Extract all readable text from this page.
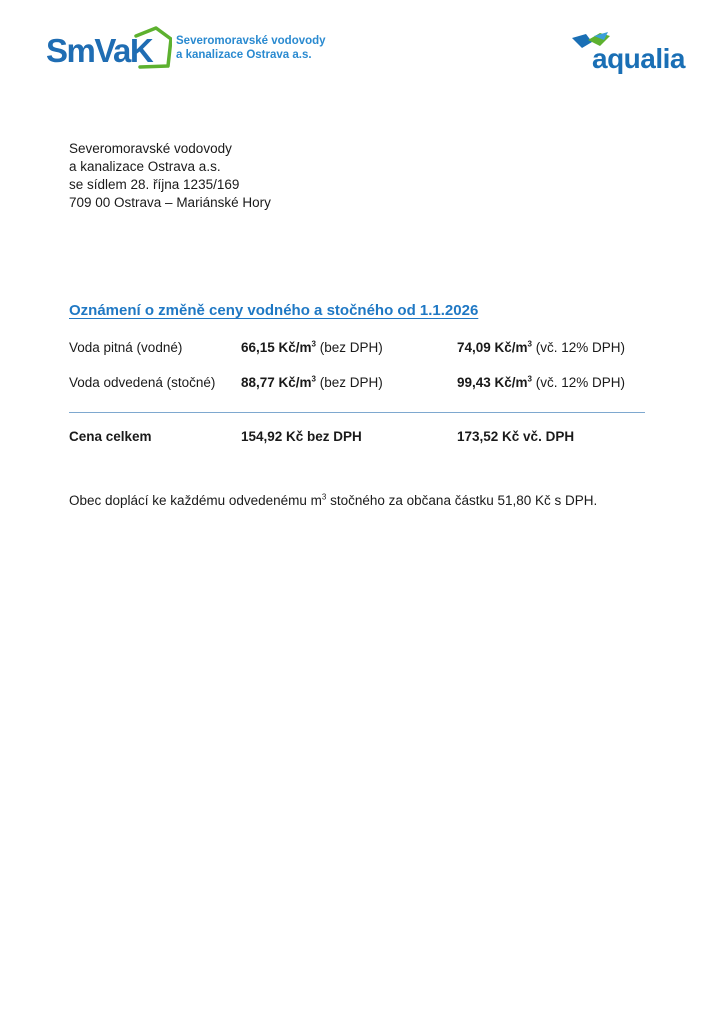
SmVaK Severomoravské vodovody
a kanalizace Ostrava a.s.	aqualia
Severomoravské vodovody
a kanalizace Ostrava a.s.
se sídlem 28. října 1235/169
709 00 Ostrava – Mariánské Hory
Oznámení o změně ceny vodného a stočného od 1.1.2026
Voda pitná (vodné)	66,15 $Kč/m^3$ (bez DPH)	74,09 $Kč/m^3$ (vč. 12% DPH)
Voda odvedená (stočné) 88,77 $Kč/m^3$ (bez DPH)	99,43 $Kč/m^3$ (vč. 12% DPH)
Cena celkem	154,92 Kč bez DPH	173,52 Kč vč. DPH
Obec doplácí ke každému odvedenému $m^3$ stočného za občana částku 51,80 Kč s DPH.
